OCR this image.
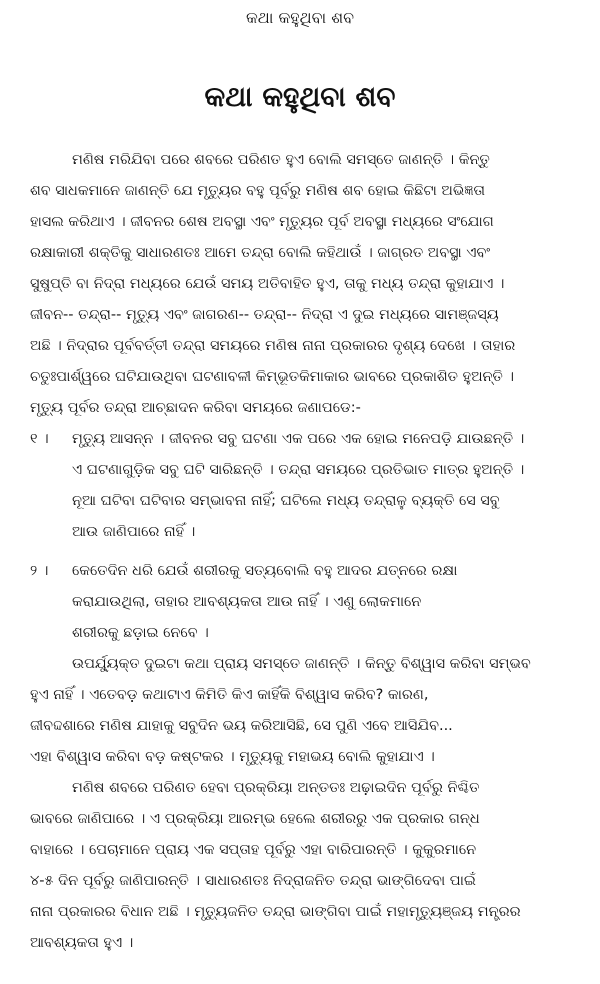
କଥା କହୁଥିବା ଶବ
କଥା କହୁଥିବା ଶବ
ମଣିଷ ମରିଯିବା ପରେ ଶବରେ ପରିଣତ ହୁଏ ବୋଲି ସମସ୍ତେ ଜାଣନ୍ତି । କିନ୍ତୁ
ଶବ ସାଧକମାନେ ଜାଣନ୍ତି ଯେ ମୃତ୍ୟୁର ବହୁ ପୂର୍ବରୁ ମଣିଷ ଶବ ହୋଇ କିଛିଟା ଅଭିଜ୍ଞତା
ହାସଲ କରିଥାଏ । ଜୀବନର ଶେଷ ଅବସ୍ଥା ଏବଂ ମୃତ୍ୟୁର ପୂର୍ବ ଅବସ୍ଥା ମଧ୍ୟରେ ସଂଯୋଗ
ରକ୍ଷାକାରୀ ଶକ୍ତିକୁ ସାଧାରଣତଃ ଆମେ ତନ୍ଦ୍ରା ବୋଲି କହିଥାଉଁ । ଜାଗ୍ରତ ଅବସ୍ଥା ଏବଂ
ସୁଷୁପ୍ତି ବା ନିଦ୍ରା ମଧ୍ୟରେ ଯେଉଁ ସମୟ ଅତିବାହିତ ହୁଏ, ତାକୁ ମଧ୍ୟ ତନ୍ଦ୍ରା କୁହାଯାଏ ।
ଜୀବନ-- ତନ୍ଦ୍ରା-- ମୃତ୍ୟୁ ଏବଂ ଜାଗରଣ-- ତନ୍ଦ୍ରା-- ନିଦ୍ରା ଏ ଦୁଇ ମଧ୍ୟରେ ସାମଞ୍ଜସ୍ୟ
ଅଛି । ନିଦ୍ରାର ପୂର୍ବବର୍ତ୍ତୀ ତନ୍ଦ୍ରା ସମୟରେ ମଣିଷ ନାନା ପ୍ରକାରର ଦୃଶ୍ୟ ଦେଖେ । ତାହାର
ଚତୁଃପାର୍ଶ୍ୱରେ ଘଟିଯାଉଥିବା ଘଟଣାବଳୀ କିମ୍ଭୂତକିମାକାର ଭାବରେ ପ୍ରକାଶିତ ହୁଅନ୍ତି ।
ମୃତ୍ୟୁ ପୂର୍ବର ତନ୍ଦ୍ରା ଆଚ୍ଛାଦନ କରିବା ସମୟରେ ଜଣାପଡେ:-
୧ । ମୃତ୍ୟୁ ଆସନ୍ନ । ଜୀବନର ସବୁ ଘଟଣା ଏକ ପରେ ଏକ ହୋଇ ମନେପଡ଼ି ଯାଉଛନ୍ତି ।
ଏ ଘଟଣାଗୁଡ଼ିକ ସବୁ ଘଟି ସାରିଛନ୍ତି । ତନ୍ଦ୍ରା ସମୟରେ ପ୍ରତିଭାତ ମାତ୍ର ହୁଅନ୍ତି ।
ନୂଆ ଘଟିବା ଘଟିବାର ସମ୍ଭାବନା ନାହିଁ; ଘଟିଲେ ମଧ୍ୟ ତନ୍ଦ୍ରାଳୁ ବ୍ୟକ୍ତି ସେ ସବୁ
ଆଉ ଜାଣିପାରେ ନାହିଁ ।
୨ । କେତେଦିନ ଧରି ଯେଉଁ ଶରୀରକୁ ସତ୍ୟବୋଲି ବହୁ ଆଦର ଯତ୍ନରେ ରକ୍ଷା
କରାଯାଉଥିଲା, ତାହାର ଆବଶ୍ୟକତା ଆଉ ନାହିଁ । ଏଣୁ ଲୋକମାନେ
ଶରୀରକୁ ଛଡ଼ାଇ ନେବେ ।
ଉପର୍ଯ୍ୟୁକ୍ତ ଦୁଇଟା କଥା ପ୍ରାୟ ସମସ୍ତେ ଜାଣନ୍ତି । କିନ୍ତୁ ବିଶ୍ୱାସ କରିବା ସମ୍ଭବ
ହୁଏ ନାହିଁ । ଏତେବଡ଼ କଥାଟାଏ କିମିତି କିଏ କାହିଁକି ବିଶ୍ୱାସ କରିବ? କାରଣ,
ଜୀବଦ୍ଦଶାରେ ମଣିଷ ଯାହାକୁ ସବୁଦିନ ଭୟ କରିଆସିଛି, ସେ ପୁଣି ଏବେ ଆସିଯିବ...
ଏହା ବିଶ୍ୱାସ କରିବା ବଡ଼ କଷ୍ଟକର । ମୃତ୍ୟୁକୁ ମହାଭୟ ବୋଲି କୁହାଯାଏ ।
ମଣିଷ ଶବରେ ପରିଣତ ହେବା ପ୍ରକ୍ରିୟା ଅନ୍ତତଃ ଅଢ଼ାଇଦିନ ପୂର୍ବରୁ ନିଶ୍ଚିତ
ଭାବରେ ଜାଣିପାରେ । ଏ ପ୍ରକ୍ରିୟା ଆରମ୍ଭ ହେଲେ ଶରୀରରୁ ଏକ ପ୍ରକାର ଗନ୍ଧ
ବାହାରେ । ପେଚାମାନେ ପ୍ରାୟ ଏକ ସପ୍ତାହ ପୂର୍ବରୁ ଏହା ବାରିପାରନ୍ତି । କୁକୁରମାନେ
୪-୫ ଦିନ ପୂର୍ବରୁ ଜାଣିପାରନ୍ତି । ସାଧାରଣତଃ ନିଦ୍ରାଜନିତ ତନ୍ଦ୍ରା ଭାଙ୍ଗିଦେବା ପାଇଁ
ନାନା ପ୍ରକାରର ବିଧାନ ଅଛି । ମୃତ୍ୟୁଜନିତ ତନ୍ଦ୍ରା ଭାଙ୍ଗିବା ପାଇଁ ମହାମୃତ୍ୟୁଞ୍ଜୟ ମନ୍ତ୍ରର
ଆବଶ୍ୟକତା ହୁଏ ।
